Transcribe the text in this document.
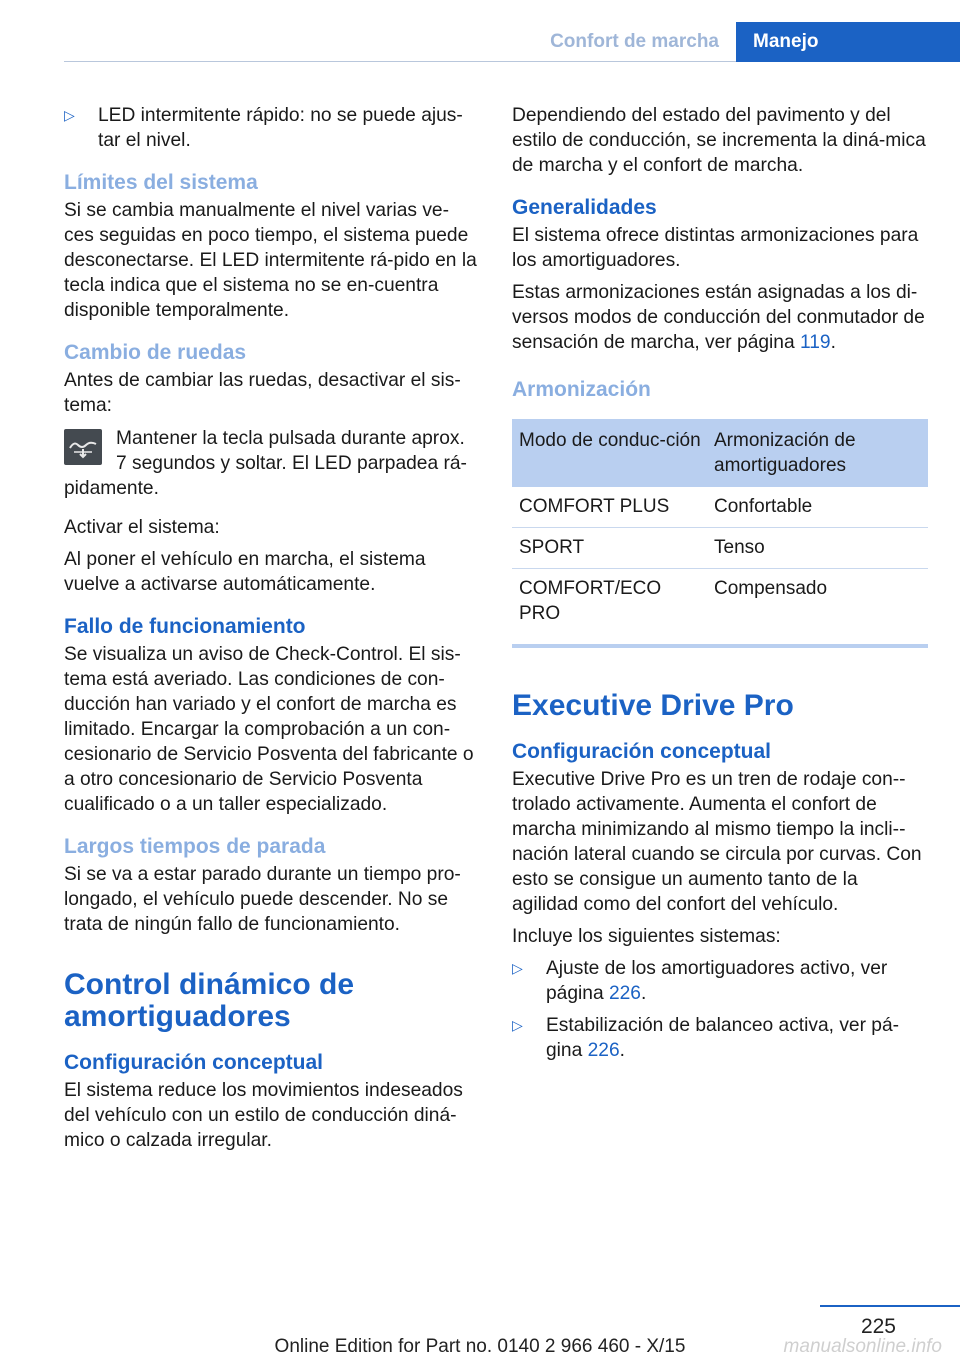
Confort de marcha	Manejo
▷ LED intermitente rápido: no se puede ajus‐tar el nivel.
Límites del sistema

Si se cambia manualmente el nivel varias ve‐ces seguidas en poco tiempo, el sistema puede desconectarse. El LED intermitente rá‐pido en la tecla indica que el sistema no se en‐cuentra disponible temporalmente.

Cambio de ruedas

Antes de cambiar las ruedas, desactivar el sis‐tema:

Mantener la tecla pulsada durante aprox. 7 segundos y soltar. El LED parpadea rá‐
pidamente.

Activar el sistema:

Al poner el vehículo en marcha, el sistema vuelve a activarse automáticamente.

Fallo de funcionamiento

Se visualiza un aviso de Check-Control. El sis‐tema está averiado. Las condiciones de con‐ducción han variado y el confort de marcha es limitado. Encargar la comprobación a un con‐cesionario de Servicio Posventa del fabricante o a otro concesionario de Servicio Posventa cualificado o a un taller especializado.

Largos tiempos de parada

Si se va a estar parado durante un tiempo pro‐longado, el vehículo puede descender. No se trata de ningún fallo de funcionamiento.

Control dinámico de amortiguadores
Configuración conceptual

El sistema reduce los movimientos indeseados del vehículo con un estilo de conducción diná‐mico o calzada irregular.

Dependiendo del estado del pavimento y del estilo de conducción, se incrementa la diná‐mica de marcha y el confort de marcha.

Generalidades

El sistema ofrece distintas armonizaciones para los amortiguadores.

Estas armonizaciones están asignadas a los di‐versos modos de conducción del conmutador de sensación de marcha, ver página 119.

Armonización
Modo de conduc‐ción	Armonización de amortiguadores
COMFORT PLUS	Confortable
SPORT	Tenso
COMFORT/ECO PRO	Compensado
Executive Drive Pro
Configuración conceptual

Executive Drive Pro es un tren de rodaje con‐-trolado activamente. Aumenta el confort de marcha minimizando al mismo tiempo la incli‐-nación lateral cuando se circula por curvas. Con esto se consigue un aumento tanto de la agilidad como del confort del vehículo.

Incluye los siguientes sistemas:

▷ Ajuste de los amortiguadores activo, ver página 226.
▷ Estabilización de balanceo activa, ver pá‐gina 226.
225
Online Edition for Part no. 0140 2 966 460 - X/15	manualsonline.info
